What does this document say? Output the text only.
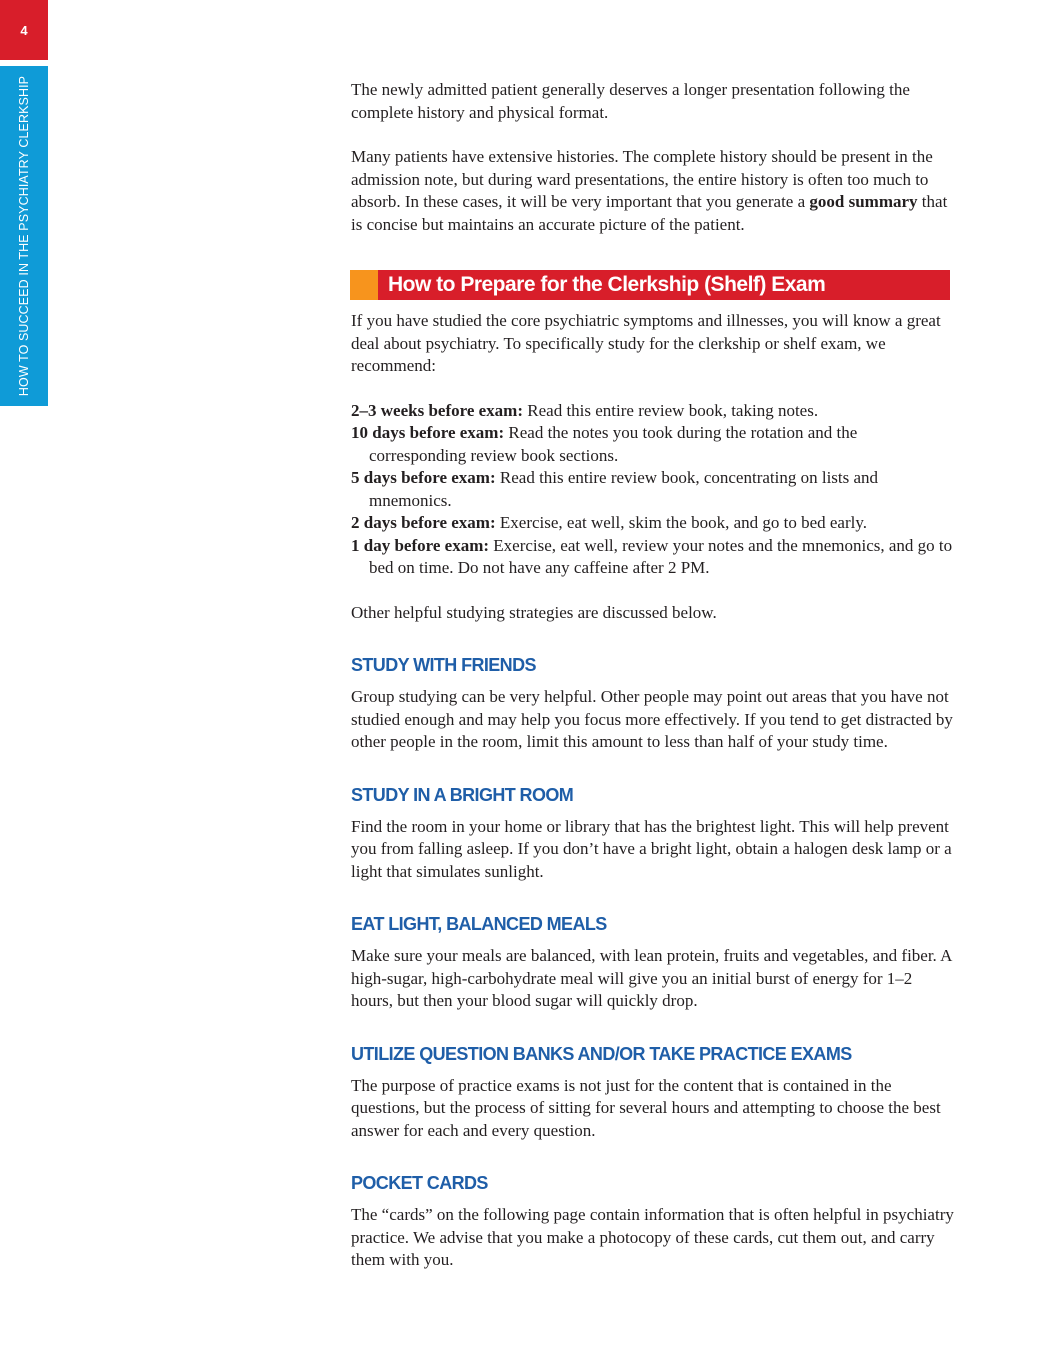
4
HOW TO SUCCEED IN THE PSYCHIATRY CLERKSHIP	The newly admitted patient generally deserves a longer presentation following the complete history and physical format.

Many patients have extensive histories. The complete history should be present in the admission note, but during ward presentations, the entire history is often too much to absorb. In these cases, it will be very important that you generate a good summary that is concise but maintains an accurate picture of the patient.

How to Prepare for the Clerkship (Shelf) Exam

If you have studied the core psychiatric symptoms and illnesses, you will know a great deal about psychiatry. To specifically study for the clerkship or shelf exam, we recommend:

2–3 weeks before exam: Read this entire review book, taking notes.
10 days before exam: Read the notes you took during the rotation and the corresponding review book sections.
5 days before exam: Read this entire review book, concentrating on lists and mnemonics.
2 days before exam: Exercise, eat well, skim the book, and go to bed early.
1 day before exam: Exercise, eat well, review your notes and the mnemonics, and go to bed on time. Do not have any caffeine after 2 PM.

Other helpful studying strategies are discussed below.

STUDY WITH FRIENDS

Group studying can be very helpful. Other people may point out areas that you have not studied enough and may help you focus more effectively. If you tend to get distracted by other people in the room, limit this amount to less than half of your study time.

STUDY IN A BRIGHT ROOM

Find the room in your home or library that has the brightest light. This will help prevent you from falling asleep. If you don’t have a bright light, obtain a halogen desk lamp or a light that simulates sunlight.

EAT LIGHT, BALANCED MEALS

Make sure your meals are balanced, with lean protein, fruits and vegetables, and fiber. A high-sugar, high-carbohydrate meal will give you an initial burst of energy for 1–2 hours, but then your blood sugar will quickly drop.

UTILIZE QUESTION BANKS AND/OR TAKE PRACTICE EXAMS

The purpose of practice exams is not just for the content that is contained in the questions, but the process of sitting for several hours and attempting to choose the best answer for each and every question.

POCKET CARDS

The “cards” on the following page contain information that is often helpful in psychiatry practice. We advise that you make a photocopy of these cards, cut them out, and carry them with you.
